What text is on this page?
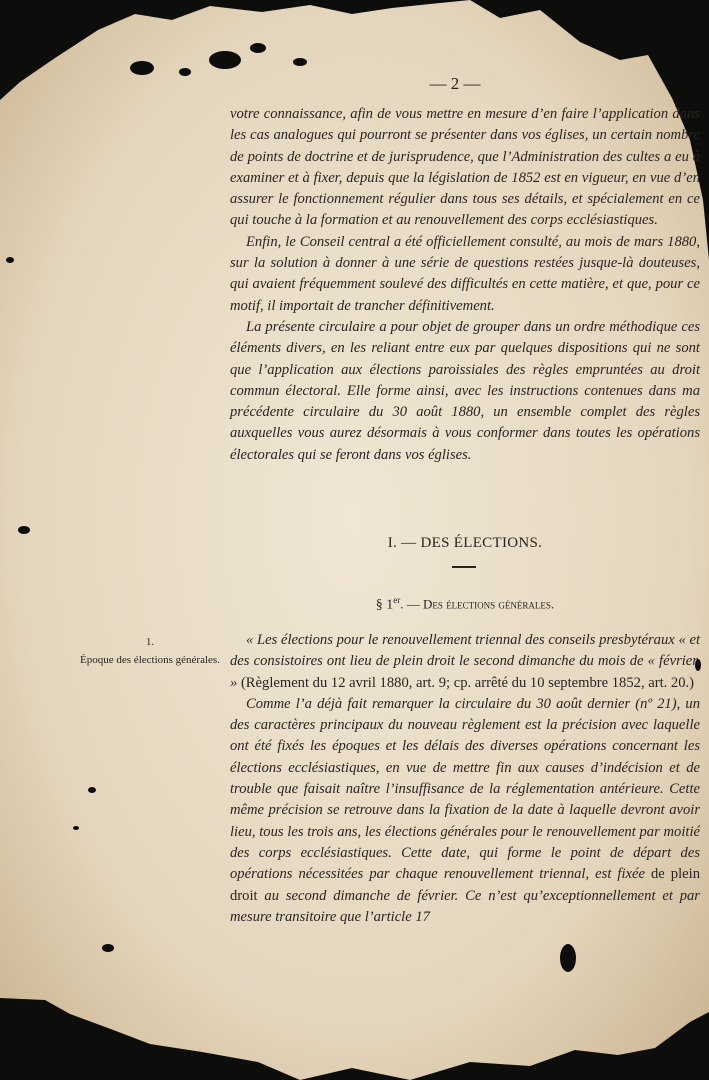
— 2 —

votre connaissance, afin de vous mettre en mesure d’en faire l’application dans les cas analogues qui pourront se présenter dans vos églises, un certain nombre de points de doctrine et de jurisprudence, que l’Administration des cultes a eu à examiner et à fixer, depuis que la législation de 1852 est en vigueur, en vue d’en assurer le fonctionnement régulier dans tous ses détails, et spécialement en ce qui touche à la formation et au renouvellement des corps ecclésiastiques.

Enfin, le Conseil central a été officiellement consulté, au mois de mars 1880, sur la solution à donner à une série de questions restées jusque-là douteuses, qui avaient fréquemment soulevé des difficultés en cette matière, et que, pour ce motif, il importait de trancher définitivement.

La présente circulaire a pour objet de grouper dans un ordre méthodique ces éléments divers, en les reliant entre eux par quelques dispositions qui ne sont que l’application aux élections paroissiales des règles empruntées au droit commun électoral. Elle forme ainsi, avec les instructions contenues dans ma précédente circulaire du 30 août 1880, un ensemble complet des règles auxquelles vous aurez désormais à vous conformer dans toutes les opérations électorales qui se feront dans vos églises.

I. — DES ÉLECTIONS.
§ 1er. — Des élections générales.
1.
Époque des élections générales.

« Les élections pour le renouvellement triennal des conseils presbytéraux « et des consistoires ont lieu de plein droit le second dimanche du mois de « février. » (Règlement du 12 avril 1880, art. 9; cp. arrêté du 10 septembre 1852, art. 20.)

Comme l’a déjà fait remarquer la circulaire du 30 août dernier (nº 21), un des caractères principaux du nouveau règlement est la précision avec laquelle ont été fixés les époques et les délais des diverses opérations concernant les élections ecclésiastiques, en vue de mettre fin aux causes d’indécision et de trouble que faisait naître l’insuffisance de la réglementation antérieure. Cette même précision se retrouve dans la fixation de la date à laquelle devront avoir lieu, tous les trois ans, les élections générales pour le renouvellement par moitié des corps ecclésiastiques. Cette date, qui forme le point de départ des opérations nécessitées par chaque renouvellement triennal, est fixée de plein droit au second dimanche de février. Ce n’est qu’exceptionnellement et par mesure transitoire que l’article 17
